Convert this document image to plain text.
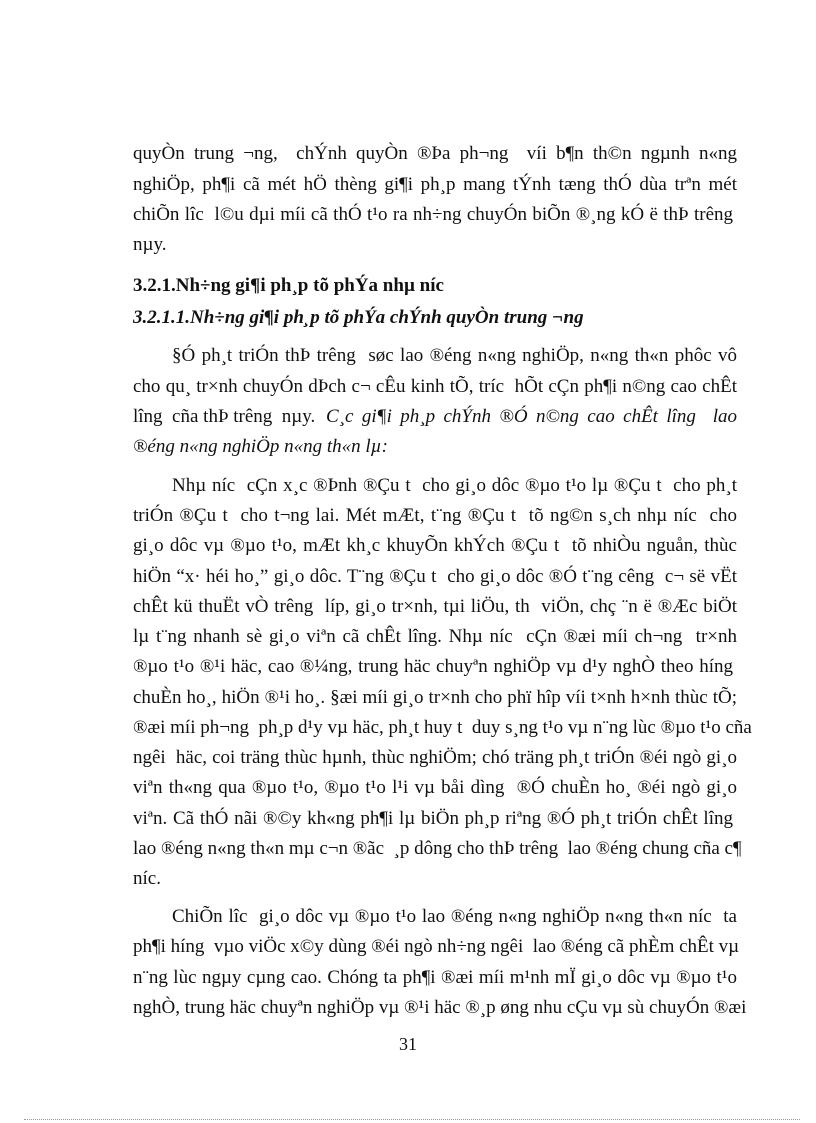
quyÒn trung ¬ng,  chÝnh quyÒn ®Þa ph¬ng  víi b¶n th©n ngµnh n«ng

nghiÖp, ph¶i cã mét hÖ thèng gi¶i ph¸p mang tÝnh tæng thÓ dùa trªn mét

chiÕn lîc  l©u dµi míi cã thÓ t¹o ra nh÷ng chuyÓn biÕn ®¸ng kÓ ë thÞ trêng

nµy.

3.2.1.Nh÷ng gi¶i ph¸p tõ phÝa nhµ níc

3.2.1.1.Nh÷ng gi¶i ph¸p tõ phÝa chÝnh quyÒn trung ¬ng

§Ó ph¸t triÓn thÞ trêng  søc lao ®éng n«ng nghiÖp, n«ng th«n phôc vô

cho qu¸ tr×nh chuyÓn dÞch c¬ cÊu kinh tÕ, tríc  hÕt cÇn ph¶i n©ng cao chÊt

lîng  cña thÞ trêng  nµy. C¸c gi¶i ph¸p chÝnh ®Ó n©ng cao chÊt lîng  lao

®éng n«ng nghiÖp n«ng th«n lµ:

Nhµ níc  cÇn x¸c ®Þnh ®Çu t  cho gi¸o dôc ®µo t¹o lµ ®Çu t  cho ph¸t

triÓn ®Çu t  cho t¬ng lai. Mét mÆt, t¨ng ®Çu t  tõ ng©n s¸ch nhµ níc  cho

gi¸o dôc vµ ®µo t¹o, mÆt kh¸c khuyÕn khÝch ®Çu t  tõ nhiÒu nguån, thùc

hiÖn “x· héi ho¸” gi¸o dôc. T¨ng ®Çu t  cho gi¸o dôc ®Ó t¨ng cêng  c¬ së vËt

chÊt kü thuËt vÒ trêng  líp, gi¸o tr×nh, tµi liÖu, th  viÖn, chç ¨n ë ®Æc biÖt

lµ t¨ng nhanh sè gi¸o viªn cã chÊt lîng. Nhµ níc  cÇn ®æi míi ch¬ng  tr×nh

®µo t¹o ®¹i häc, cao ®¼ng, trung häc chuyªn nghiÖp vµ d¹y nghÒ theo híng

chuÈn ho¸, hiÖn ®¹i ho¸. §æi míi gi¸o tr×nh cho phï hîp víi t×nh h×nh thùc tÕ;

®æi míi ph¬ng  ph¸p d¹y vµ häc, ph¸t huy t  duy s¸ng t¹o vµ n¨ng lùc ®µo t¹o cña

ngêi  häc, coi träng thùc hµnh, thùc nghiÖm; chó träng ph¸t triÓn ®éi ngò gi¸o

viªn th«ng qua ®µo t¹o, ®µo t¹o l¹i vµ båi dìng  ®Ó chuÈn ho¸ ®éi ngò gi¸o

viªn. Cã thÓ nãi ®©y kh«ng ph¶i lµ biÖn ph¸p riªng ®Ó ph¸t triÓn chÊt lîng

lao ®éng n«ng th«n mµ c¬n ®ãc  ¸p dông cho thÞ trêng  lao ®éng chung cña c¶

níc.

ChiÕn lîc  gi¸o dôc vµ ®µo t¹o lao ®éng n«ng nghiÖp n«ng th«n níc  ta

ph¶i híng  vµo viÖc x©y dùng ®éi ngò nh÷ng ngêi  lao ®éng cã phÈm chÊt vµ

n¨ng lùc ngµy cµng cao. Chóng ta ph¶i ®æi míi m¹nh mÏ gi¸o dôc vµ ®µo t¹o

nghÒ, trung häc chuyªn nghiÖp vµ ®¹i häc ®¸p øng nhu cÇu vµ sù chuyÓn ®æi

31
